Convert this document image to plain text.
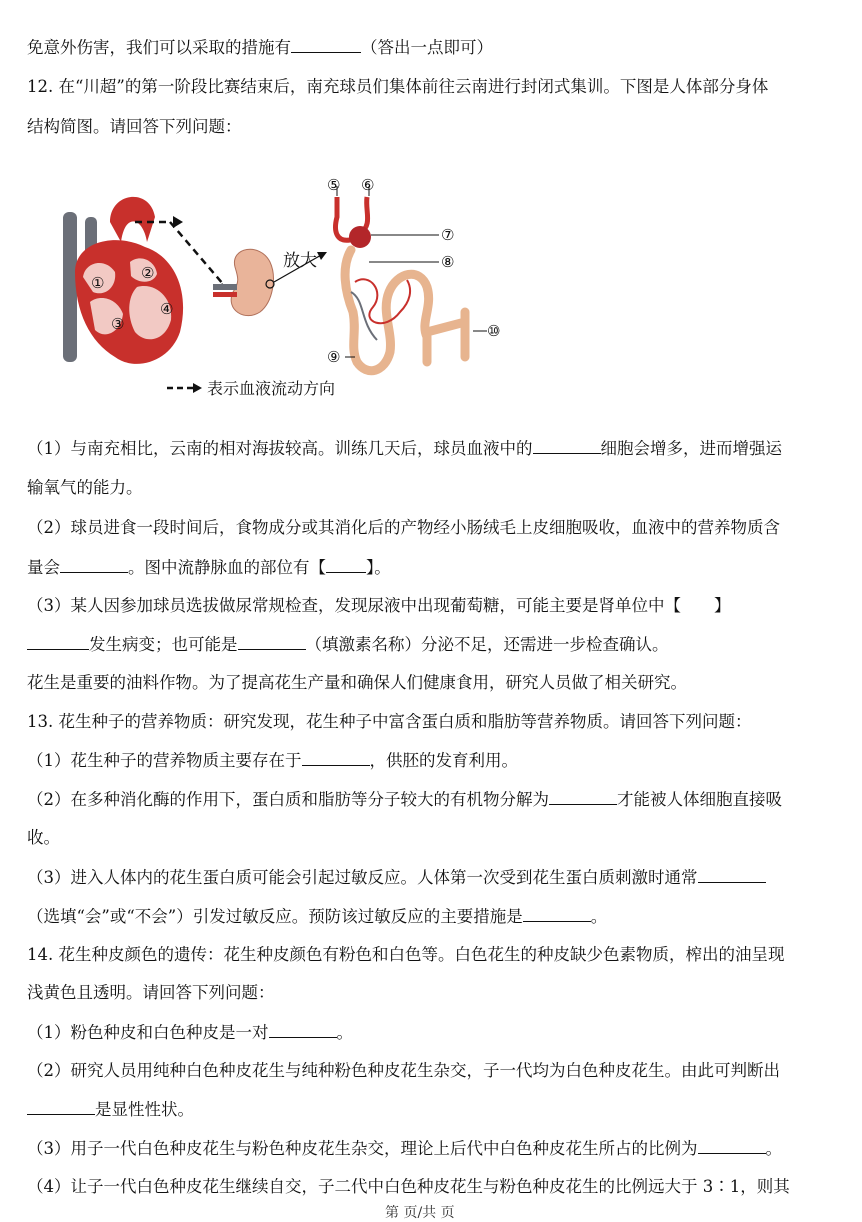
免意外伤害，我们可以采取的措施有	（答出一点即可）
12. 在“川超”的第一阶段比赛结束后，南充球员们集体前往云南进行封闭式集训。下图是人体部分身体
结构简图。请回答下列问题：
（1）与南充相比，云南的相对海拔较高。训练几天后，球员血液中的	细胞会增多，进而增强运
输氧气的能力。
（2）球员进食一段时间后，食物成分或其消化后的产物经小肠绒毛上皮细胞吸收，血液中的营养物质含
量会	。图中流静脉血的部位有【 】。
（3）某人因参加球员选拔做尿常规检查，发现尿液中出现葡萄糖，可能主要是肾单位中【　　】
发生病变；也可能是	（填激素名称）分泌不足，还需进一步检查确认。
花生是重要的油料作物。为了提高花生产量和确保人们健康食用，研究人员做了相关研究。
13. 花生种子的营养物质：研究发现，花生种子中富含蛋白质和脂肪等营养物质。请回答下列问题：
（1）花生种子的营养物质主要存在于	，供胚的发育利用。
（2）在多种消化酶的作用下，蛋白质和脂肪等分子较大的有机物分解为	才能被人体细胞直接吸
收。
（3）进入人体内的花生蛋白质可能会引起过敏反应。人体第一次受到花生蛋白质刺激时通常
（选填“会”或“不会”）引发过敏反应。预防该过敏反应的主要措施是	。
14. 花生种皮颜色的遗传：花生种皮颜色有粉色和白色等。白色花生的种皮缺少色素物质，榨出的油呈现
浅黄色且透明。请回答下列问题：
（1）粉色种皮和白色种皮是一对	。
（2）研究人员用纯种白色种皮花生与纯种粉色种皮花生杂交，子一代均为白色种皮花生。由此可判断出
是显性性状。
（3）用子一代白色种皮花生与粉色种皮花生杂交，理论上后代中白色种皮花生所占的比例为	。
（4）让子一代白色种皮花生继续自交，子二代中白色种皮花生与粉色种皮花生的比例远大于 3∶1，则其
①
②
③
④
放大
⑤ ⑥
⑦
⑧
⑨
⑩
表示血液流动方向
第 页/共 页
